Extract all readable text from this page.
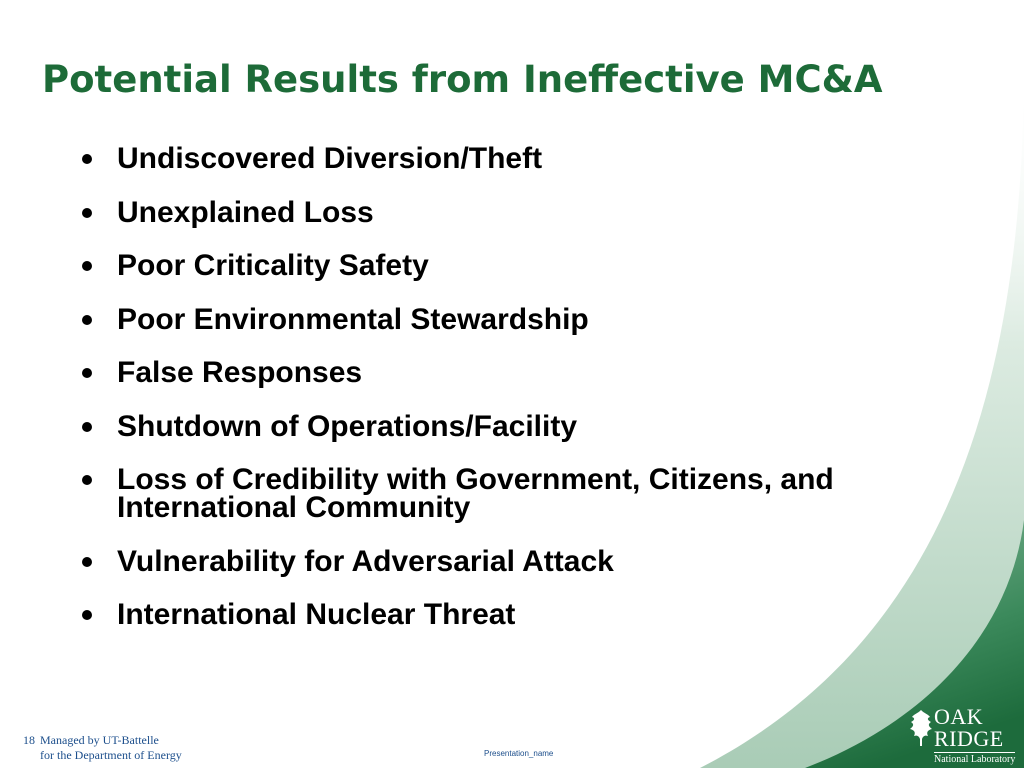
Potential Results from Ineffective MC&A
Undiscovered Diversion/Theft
Unexplained Loss
Poor Criticality Safety
Poor Environmental Stewardship
False Responses
Shutdown of Operations/Facility
Loss of Credibility with Government, Citizens, and International Community
Vulnerability for Adversarial Attack
International Nuclear Threat
18 Managed by UT-Battelle
for the Department of Energy	Presentation_name
OAK
RIDGE
National Laboratory
